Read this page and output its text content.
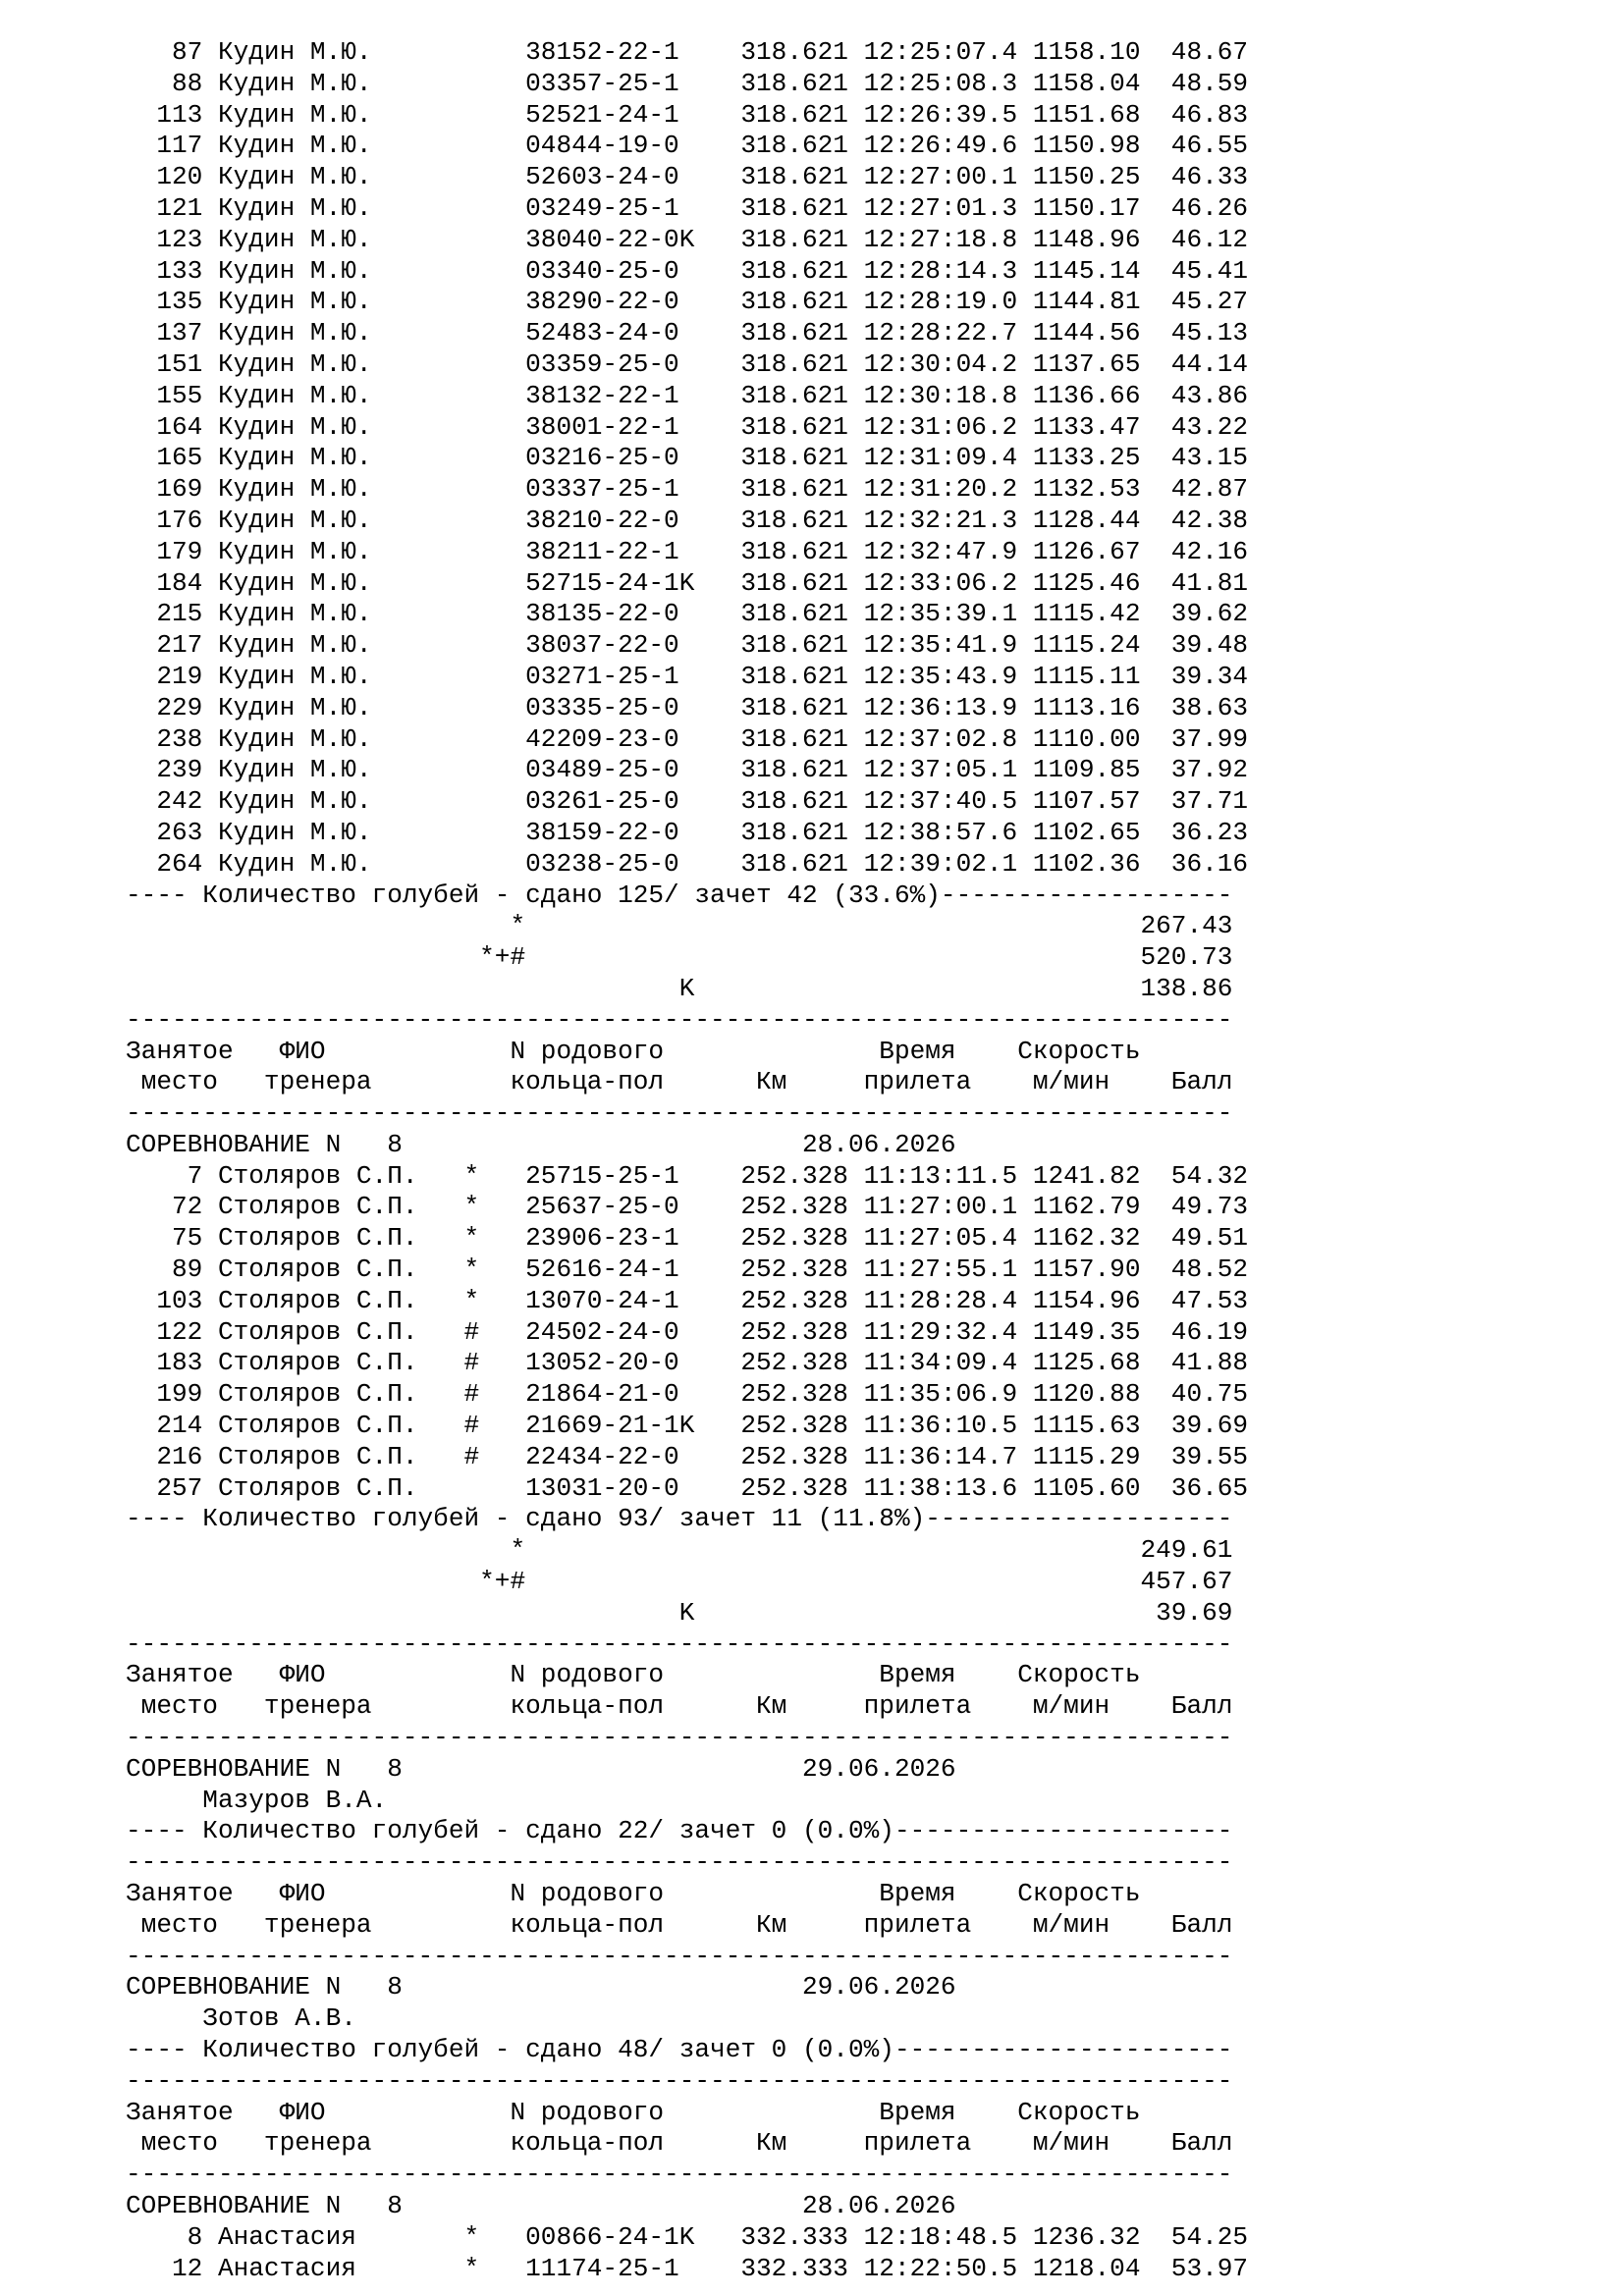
87 Кудин М.Ю.          38152-22-1    318.621 12:25:07.4 1158.10  48.67
88 Кудин М.Ю.          03357-25-1    318.621 12:25:08.3 1158.04  48.59
113 Кудин М.Ю.          52521-24-1    318.621 12:26:39.5 1151.68  46.83
117 Кудин М.Ю.          04844-19-0    318.621 12:26:49.6 1150.98  46.55
120 Кудин М.Ю.          52603-24-0    318.621 12:27:00.1 1150.25  46.33
121 Кудин М.Ю.          03249-25-1    318.621 12:27:01.3 1150.17  46.26
123 Кудин М.Ю.          38040-22-0K   318.621 12:27:18.8 1148.96  46.12
133 Кудин М.Ю.          03340-25-0    318.621 12:28:14.3 1145.14  45.41
135 Кудин М.Ю.          38290-22-0    318.621 12:28:19.0 1144.81  45.27
137 Кудин М.Ю.          52483-24-0    318.621 12:28:22.7 1144.56  45.13
151 Кудин М.Ю.          03359-25-0    318.621 12:30:04.2 1137.65  44.14
155 Кудин М.Ю.          38132-22-1    318.621 12:30:18.8 1136.66  43.86
164 Кудин М.Ю.          38001-22-1    318.621 12:31:06.2 1133.47  43.22
165 Кудин М.Ю.          03216-25-0    318.621 12:31:09.4 1133.25  43.15
169 Кудин М.Ю.          03337-25-1    318.621 12:31:20.2 1132.53  42.87
176 Кудин М.Ю.          38210-22-0    318.621 12:32:21.3 1128.44  42.38
179 Кудин М.Ю.          38211-22-1    318.621 12:32:47.9 1126.67  42.16
184 Кудин М.Ю.          52715-24-1K   318.621 12:33:06.2 1125.46  41.81
215 Кудин М.Ю.          38135-22-0    318.621 12:35:39.1 1115.42  39.62
217 Кудин М.Ю.          38037-22-0    318.621 12:35:41.9 1115.24  39.48
219 Кудин М.Ю.          03271-25-1    318.621 12:35:43.9 1115.11  39.34
229 Кудин М.Ю.          03335-25-0    318.621 12:36:13.9 1113.16  38.63
238 Кудин М.Ю.          42209-23-0    318.621 12:37:02.8 1110.00  37.99
239 Кудин М.Ю.          03489-25-0    318.621 12:37:05.1 1109.85  37.92
242 Кудин М.Ю.          03261-25-0    318.621 12:37:40.5 1107.57  37.71
263 Кудин М.Ю.          38159-22-0    318.621 12:38:57.6 1102.65  36.23
264 Кудин М.Ю.          03238-25-0    318.621 12:39:02.1 1102.36  36.16
---- Количество голубей - сдано 125/ зачет 42 (33.6%)-------------------
*                                        267.43
*+#                                        520.73
K                             138.86
------------------------------------------------------------------------
Занятое   ФИО            N родового              Время    Скорость
место   тренера         кольца-пол      Км     прилета    м/мин    Балл
------------------------------------------------------------------------
СОРЕВНОВАНИЕ N   8                          28.06.2026
7 Столяров С.П.   *   25715-25-1    252.328 11:13:11.5 1241.82  54.32
72 Столяров С.П.   *   25637-25-0    252.328 11:27:00.1 1162.79  49.73
75 Столяров С.П.   *   23906-23-1    252.328 11:27:05.4 1162.32  49.51
89 Столяров С.П.   *   52616-24-1    252.328 11:27:55.1 1157.90  48.52
103 Столяров С.П.   *   13070-24-1    252.328 11:28:28.4 1154.96  47.53
122 Столяров С.П.   #   24502-24-0    252.328 11:29:32.4 1149.35  46.19
183 Столяров С.П.   #   13052-20-0    252.328 11:34:09.4 1125.68  41.88
199 Столяров С.П.   #   21864-21-0    252.328 11:35:06.9 1120.88  40.75
214 Столяров С.П.   #   21669-21-1K   252.328 11:36:10.5 1115.63  39.69
216 Столяров С.П.   #   22434-22-0    252.328 11:36:14.7 1115.29  39.55
257 Столяров С.П.       13031-20-0    252.328 11:38:13.6 1105.60  36.65
---- Количество голубей - сдано 93/ зачет 11 (11.8%)--------------------
*                                        249.61
*+#                                        457.67
K                              39.69
------------------------------------------------------------------------
Занятое   ФИО            N родового              Время    Скорость
место   тренера         кольца-пол      Км     прилета    м/мин    Балл
------------------------------------------------------------------------
СОРЕВНОВАНИЕ N   8                          29.06.2026
Мазуров В.А.
---- Количество голубей - сдано 22/ зачет 0 (0.0%)----------------------
------------------------------------------------------------------------
Занятое   ФИО            N родового              Время    Скорость
место   тренера         кольца-пол      Км     прилета    м/мин    Балл
------------------------------------------------------------------------
СОРЕВНОВАНИЕ N   8                          29.06.2026
Зотов А.В.
---- Количество голубей - сдано 48/ зачет 0 (0.0%)----------------------
------------------------------------------------------------------------
Занятое   ФИО            N родового              Время    Скорость
место   тренера         кольца-пол      Км     прилета    м/мин    Балл
------------------------------------------------------------------------
СОРЕВНОВАНИЕ N   8                          28.06.2026
8 Анастасия       *   00866-24-1K   332.333 12:18:48.5 1236.32  54.25
12 Анастасия       *   11174-25-1    332.333 12:22:50.5 1218.04  53.97
